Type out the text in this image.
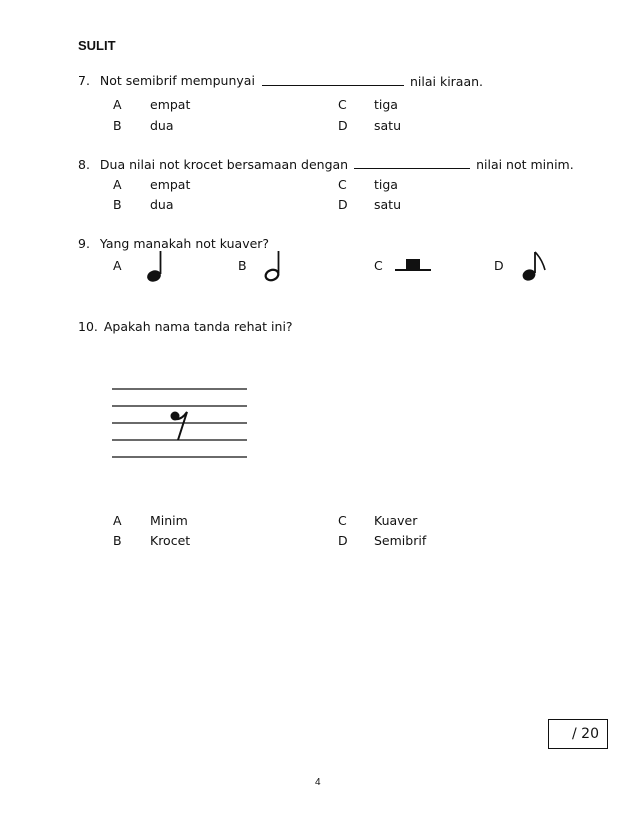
SULIT
7. Not semibrif mempunyai	nilai kiraan.
A empat	C tiga
B dua	D satu
8. Dua nilai not krocet bersamaan dengan	nilai not minim.
A empat	C tiga
B dua	D satu
9. Yang manakah not kuaver?
A	B	C	D
10. Apakah nama tanda rehat ini?
A Minim	C Kuaver
B Krocet	D Semibrif
/ 20
4
